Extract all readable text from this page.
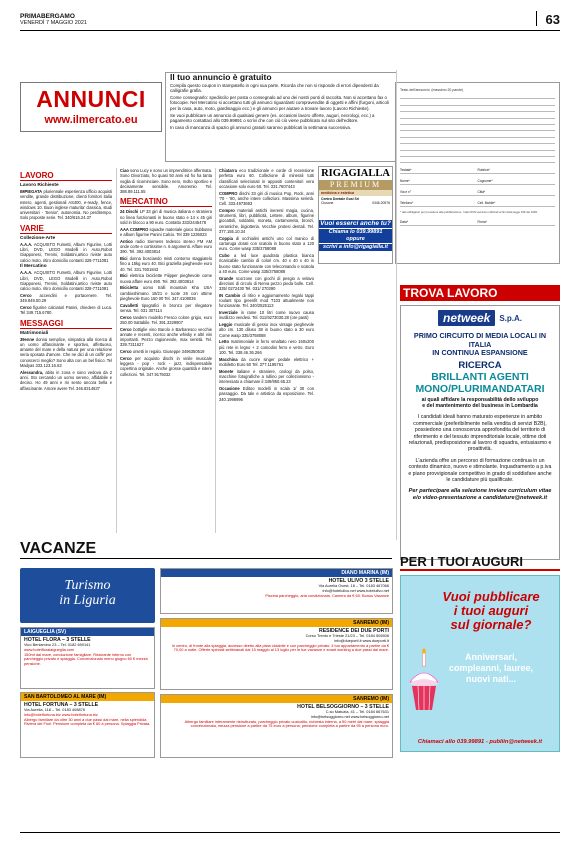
PRIMABERGAMO
VENERDÌ 7 MAGGIO 2021	63
ANNUNCI
www.ilmercato.eu
Il tuo annuncio è gratuito

Compila questo coupon in stampatello in ogni sua parte. Ricorda che non si risponde di errori dipendenti da calligrafie grafia.

Come consegnarlo: spediscilo per posta o consegnalo ad uno dei nostri punti di raccolta. Non si accettano fax o fotocopie. Nel Mercatino si accettano tutti gli annunci riguardanti compravendite di oggetti e affini (furgoni, articoli per la casa, auto, moto, giardinaggio ecc.) e gli annunci per aiutare a trovare lavoro (Lavoro Richieste).

Se vuoi pubblicare un annuncio di qualsiasi genere (es. occasioni lavoro offerte, auguri, necrologi, ecc.) a pagamento contattaci allo 039.99891 o scrivi che con ciò ciò viene pubblicato sul sito dell'editore.

In caso di mancanza di spazio gli annunci gratuiti saranno pubblicati la settimana successiva.

Testo dell'annuncio (massimo 20 parole)
Testata*	Rubrica*
Nome*	Cognome*
Via e n°	Città*
Telefono*	Cell. Mobile*
* dati obbligatori per procedere alla pubblicazione. I dati NON verranno utilizzati ai fini della legge 196 del 1993.
Data*	Firma*
LAVORO
Lavoro Richieste

IMPIEGATA pluriennale esperienza ufficio acquisti vendite, grande distribuzione, clienti fornitori italia estero, agenti, gestionali AS400, e-ready, fence, windows 10. Buon inglese maturita' classica, studi universitari - 'Senior', autonomia. No perditempo. Solo proposte serie. Tel. 340/616.24.37

VARIE
Collezione-Arte

A.A.A. ACQUISTO Fumetti, Album Figurine, Lotti Libri, DVD, LEGO Modelli in Auto,Robot Giapponesi, Trenini, Soldatini,artico riviste auto calcio moto. ritiro domicilio contanti 328-7711081

Il Mercatino

A.A.A. ACQUISTO Fumetti, Album Figurine, Lotti Libri, DVD, LEGO Modelli in Auto,Robot Giapponesi, Trenini, Soldatini,artico riviste auto calcio moto. ritiro domicilio contanti 328-7711081

Cerco accendini e portacenere. Tel. 349.849.00.29

Cerco figurine calciatori Panini, chiedere di Luca. Tel 349.715.6780

MESSAGGI
Matrimoniali

39enne donna semplice, simpatica alla ricerca di un uomo affascinante e sportivo, affettuoso, amante del mare e della natura per una relazione seria sposata d'amore. Che ne dici di un caffè' per conoscerci meglio? Sono alta con un bel fisico. Tel Madyas 333.123.16.63

Alessandra, abito in zona e sono vedova da 2 anni. Sto cercando un uomo sereno, affidabile e deciso. Ho 49 anni e mi sento ancora bella e affascinante. Amore avere Tel. 346.8314637

Ciao sono Lucy e sono un imprenditrice affermata. Sono Divorziato, ho quasi 50 anni ed ho ha tanta voglia di ricominciare. Sono nero, molto sportivo e decisamente sensibile. Amoremio Tel. 388.89.111.55

MERCATINO

24 Dischi LP 33 giri di musica italiana e straniera no linea funzionanti in buono stato e 14 x 45 giri sold in blocco a 90 euro. Contatto 333/2445478

AAA COMPRO squadre materiale gioco Subbuteo e album figurine Panini Calcio. Tel 339 1236023

Antico radio Siemens tedesco stereo FM AM onde corte e cortissime n. 6 argomenti. Affare euro 390. Tel. 392.4003814

Bici donna bosciando misti contorno staggiatelo fino a 15kg euro 40. Bici graziella pieghevole euro 40. Tel. 331.7601843

Bici elettrica biciclette Fiiipper pieghevole come nuova affare euro 490. Tel. 392.4003814

Bicicletta uomo tralli mountain Kha USA cambioshimano 18/21 e ruote 26 con ottime pieghevole Euro 150 00 Tel. 347.4109036

Cavalletti tipografici in bronzo per rilegatore sensa. Tel. 031 307114

Cerco tandem modello Fresco colore grigio, euro 250.00 trattabile. Tel. 391.3329907

Cerco bottiglie vino Barolo e Barbaresco vecchie annate e recenti, ricerco anche whisky e altri vini importanti. Pezzo ragionevole, max serietà. Tel. 339.7311627

Cerco orsetti in regalo. Giuseppe 3496350519

Cerco per acquisto dischi in vinile musicale leggera - pop - rock - jazz, indispensabile copertina originale. Anche grosse quantità e intere collezioni. Tel. 347.9175032

Chiatarra eco tradizionale e corde di recensione perfetta euro 60. Collezione di minerali tutti classificati selezionati in appositi contenitori vera occasione solo euro 60. Tel. 331.7607443

COMPRO dischi 33 giri di musica Pop, Rock, anni '70 - '80, anche intere collezioni. Massima serietà. Cell. 333.4973693

Compro materiali antichi inerenti magia, cucina, strumenti, libri, pubblicità, Lettere, album, figurine giocattoli, soldatini, moneta, cartamoneta, bronzi, ceramiche, bigiotteria. Vecchie protesi dentali. Tel. 377.155.10.34

Coppia di occhialini antichi uno col manico di cartaruga dorati con scatola in buono stato a 120 euro. Come wasp 335/3758088

Cubo a led luce quadrata plastica bianca ricaricabile cambio di colori cm. 40 x 40 x 40 in buono stato funzionante con telecomando e scatola a 40 euro. Come wasp 335/3758088

Grande scorzone con giochi di pesgio a velavo direzioni di circolo di Nerva pezzo pieda bolle. Cell. 335/ 0272430 Tel. 031/ 270390

IN Cambio di ritiro e aggiornamento regalo tappi roulant tipo greenfit mod T103 attualmente non funzionante. Tel. 340/2525113

Inverziale in rame 10 litri come nuovo causa inutilizzo vendesi. Tel. 011/9273030.28 (ore pasti)

Leggio musicale di gesso inox vintage pieghevole alto cm. 130 diluso 38 in buono stato a 30 euro Come wasp 335/3758088

Letto matrimoniale in ferro smaltato nero 160x200 più rete in legno + 2 comodini ferro e vetro. Euro 100. Tel. 338.46.36.266

Macchina da cucire singer pedale elettrico + mobiletto Euro 50 Tel. 377.1195761

Monete italiane e straniere, orologi da polso, macchine fotografiche a rullino per collezionismo - interessato a chiamare il 349/850.65.23

Occasione Editoo modelli in scala 1/ 30 con passaggio. Da tale e artistica da esposizione. Tel. 340.1998996

RIGAGIALLA
PREMIUM
medicina e estetica
Centro Dentale Gusi Srl
Clusone	0346.20576
Vuoi esserci anche tu?
Chiama lo 039.99891 oppure
scrivi a info@rigagialla.it
TROVA LAVORO
netweek	S.p.A.
PRIMO CIRCUITO DI MEDIA LOCALI IN ITALIA
IN CONTINUA ESPANSIONE
RICERCA
BRILLANTI AGENTI
MONO/PLURIMANDATARI
ai quali affidare la responsabilità dello sviluppo
e del mantenimento del business in Lombardia
I candidati ideali hanno maturato esperienze in ambito commerciale (preferibilmente nella vendita di servizi B2B), possiedono una conoscenza approfondita del territorio di riferimento e del tessuto imprenditoriale locale, ottime doti relazionali, predisposizione al lavoro di squadra, entusiasmo e proattività.
L'azienda offre un percorso di formazione continua in un contesto dinamico, nuovo e stimolante. Inquadramento a p.iva e piano provvigionale competitivo in grado di soddisfare anche le candidature più qualificate.
Per partecipare alla selezione inviare curriculum vitae e/o video-presentazione a candidature@netweek.it
VACANZE
Turismo
in Liguria
LAIGUEGLIA (SV)
HOTEL FLORA – 3 STELLE
Vico Beniamino 23 – Tel. 0182 690141
www.hotelfloralaigueglia.com
150mt dal mare, conduzione famigliare. Ristorante interno con parcheggio privato e spiaggia. Convenzionato menu giugno 60 € mezza pensione.
SAN BARTOLOMEO AL MARE (IM)
HOTEL FORTUNA – 3 STELLE
Via Aurelia, 118 – Tel. 0183 408876
info@hotelfortuna.biz www.hotelfortuna.biz
Albergo familiare da oltre 30 anni a due passi dal mare, nella splendida Riviera dei Fiori. Pensione completa da € 60 a persona. Spiaggia Privata.
DIANO MARINA (IM)
HOTEL ULIVO 3 STELLE
Via Aurelia Ovest, 18 – Tel. 0183 467066
info@hotelulivo.net www.hotelulivo.net
Piscina parcheggio, aria condizionata. Camera da € 60. Bonus Vacanze
SANREMO (IM)
RESIDENCE DEI DUE PORTI
Corso Trento e Trieste 21/23 – Tel. 0184 506506
info@dueporti.it www.dueporti.it
In centro, di fronte alla spiaggia, accesso diretto alla pista ciclabile e con parcheggio privato. Il tuo appartamento a partire da € 70,00 a notte. Offerte speciali settimanali dal 15 maggio al 13 luglio per le tue vacanze e smart working a due passi dal mare.
SANREMO (IM)
HOTEL BELSOGGIORNO – 3 STELLE
C.so Matuzia, 41 – Tel. 0184 667631
info@belsoggiorno.net www.belsoggiorno.net
Albergo familiare interamente ristrutturato, parcheggio privato custodito, richiesta interna, a 50 metri dal mare, spiaggia convenzionata, mezza pensione a partire da 75 euro a persona, pensione completa a partire da 95 a persona euro.
PER I TUOI AUGURI
Vuoi pubblicare
i tuoi auguri
sul giornale?
Anniversari,
compleanni, lauree,
nuovi nati...
Chiamaci allo 039.99891 - publiin@netweek.it
